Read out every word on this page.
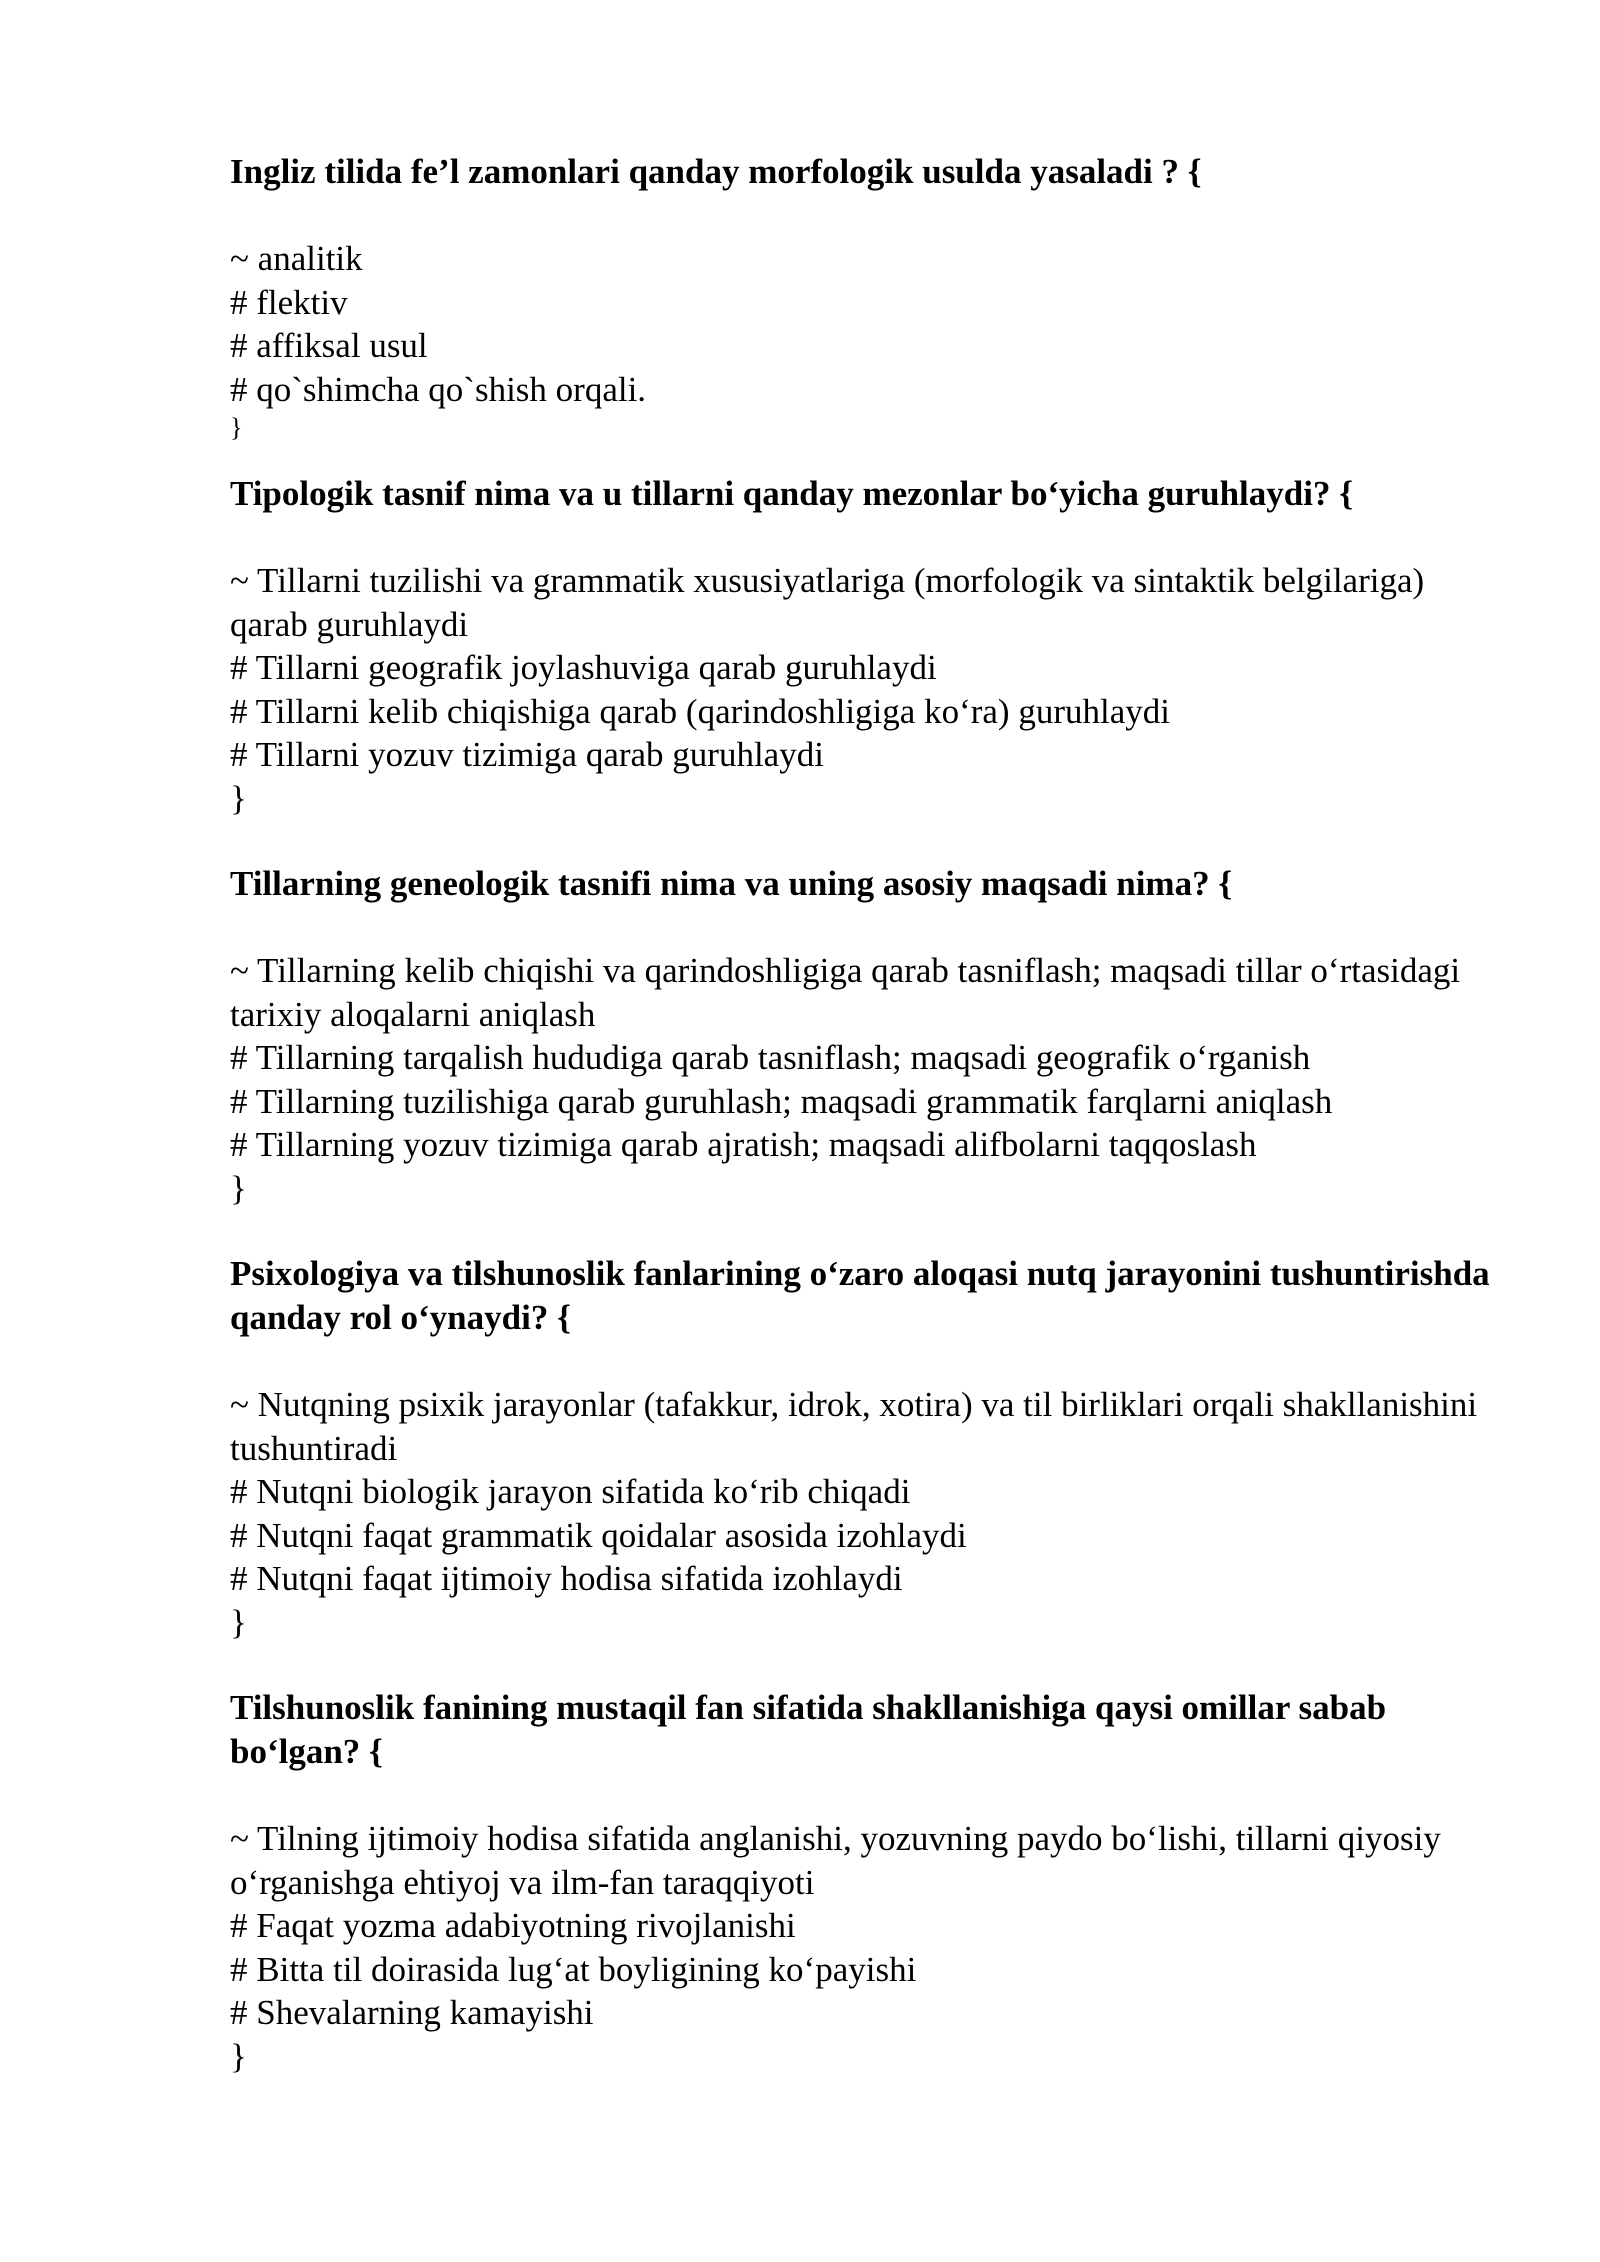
Ingliz tilida fe’l zamonlari qanday morfologik usulda yasaladi ? {

~ analitik
# flektiv
# affiksal usul
# qo`shimcha qo`shish orqali.
}

Tipologik tasnif nima va u tillarni qanday mezonlar bo‘yicha guruhlaydi? {

~ Tillarni tuzilishi va grammatik xususiyatlariga (morfologik va sintaktik belgilariga) qarab guruhlaydi
# Tillarni geografik joylashuviga qarab guruhlaydi
# Tillarni kelib chiqishiga qarab (qarindoshligiga ko‘ra) guruhlaydi
# Tillarni yozuv tizimiga qarab guruhlaydi
}

Tillarning geneologik tasnifi nima va uning asosiy maqsadi nima? {

~ Tillarning kelib chiqishi va qarindoshligiga qarab tasniflash; maqsadi tillar o‘rtasidagi tarixiy aloqalarni aniqlash
# Tillarning tarqalish hududiga qarab tasniflash; maqsadi geografik o‘rganish
# Tillarning tuzilishiga qarab guruhlash; maqsadi grammatik farqlarni aniqlash
# Tillarning yozuv tizimiga qarab ajratish; maqsadi alifbolarni taqqoslash
}

Psixologiya va tilshunoslik fanlarining o‘zaro aloqasi nutq jarayonini tushuntirishda qanday rol o‘ynaydi? {

~ Nutqning psixik jarayonlar (tafakkur, idrok, xotira) va til birliklari orqali shakllanishini tushuntiradi
# Nutqni biologik jarayon sifatida ko‘rib chiqadi
# Nutqni faqat grammatik qoidalar asosida izohlaydi
# Nutqni faqat ijtimoiy hodisa sifatida izohlaydi
}

Tilshunoslik fanining mustaqil fan sifatida shakllanishiga qaysi omillar sabab bo‘lgan? {

~ Tilning ijtimoiy hodisa sifatida anglanishi, yozuvning paydo bo‘lishi, tillarni qiyosiy o‘rganishga ehtiyoj va ilm-fan taraqqiyoti
# Faqat yozma adabiyotning rivojlanishi
# Bitta til doirasida lug‘at boyligining ko‘payishi
# Shevalarning kamayishi
}
